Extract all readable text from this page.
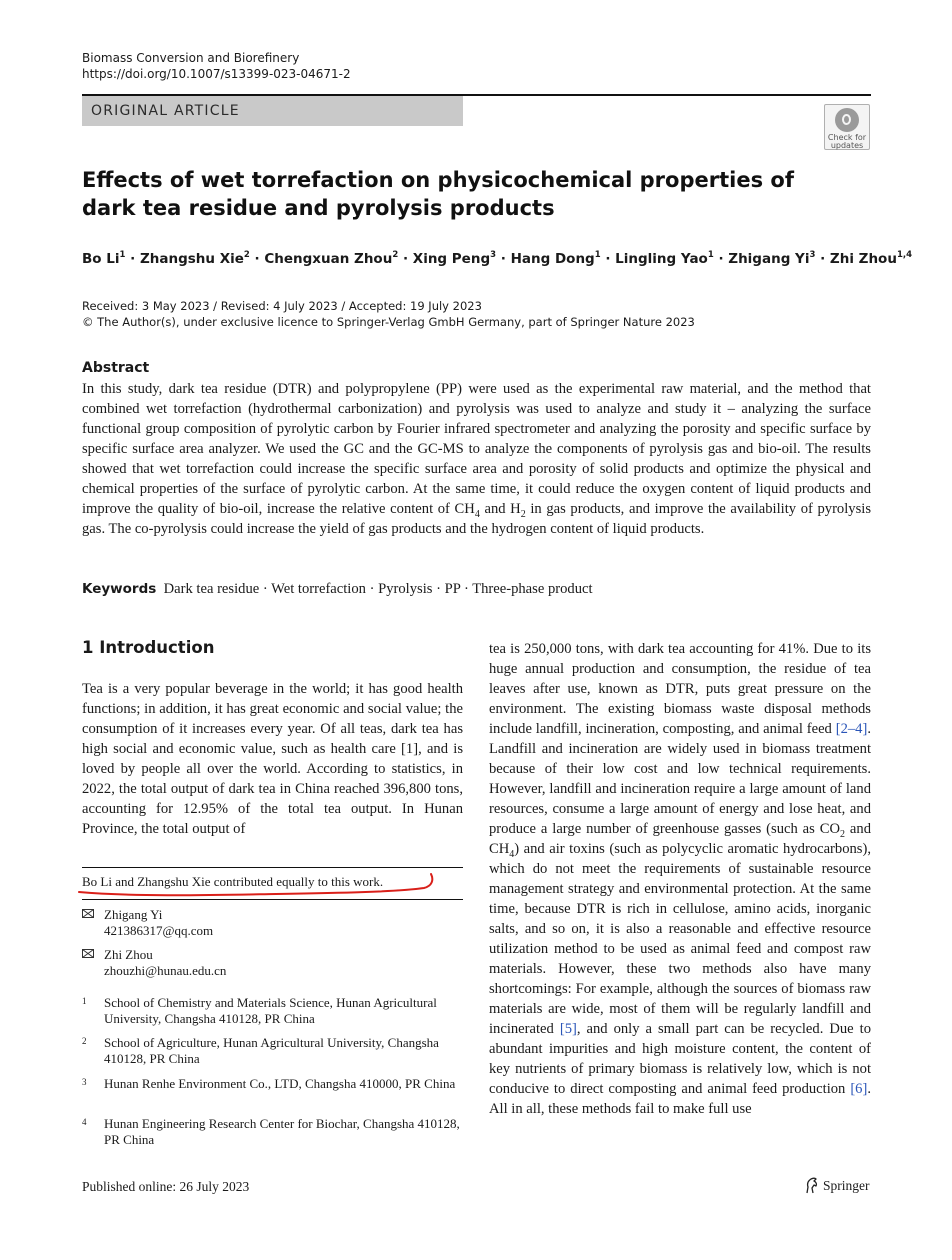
Biomass Conversion and Biorefinery
https://doi.org/10.1007/s13399-023-04671-2
ORIGINAL ARTICLE
Check for
updates
Effects of wet torrefaction on physicochemical properties of dark tea residue and pyrolysis products
Bo $Li^1$ · Zhangshu Xie$^2$ · Chengxuan Zhou$^2$ · Xing Peng$^3$ · Hang Dong$^1$ · Lingling Yao$^1$ · Zhigang $Yi^3$ · Zhi Zhou$^{1,4}$
Received: 3 May 2023 / Revised: 4 July 2023 / Accepted: 19 July 2023
© The Author(s), under exclusive licence to Springer-Verlag GmbH Germany, part of Springer Nature 2023
Abstract
In this study, dark tea residue (DTR) and polypropylene (PP) were used as the experimental raw material, and the method that combined wet torrefaction (hydrothermal carbonization) and pyrolysis was used to analyze and study it – analyzing the surface functional group composition of pyrolytic carbon by Fourier infrared spectrometer and analyzing the porosity and specific surface by specific surface area analyzer. We used the GC and the GC-MS to analyze the components of pyrolysis gas and bio-oil. The results showed that wet torrefaction could increase the specific surface area and porosity of solid products and optimize the physical and chemical properties of the surface of pyrolytic carbon. At the same time, it could reduce the oxygen content of liquid products and improve the quality of bio-oil, increase the relative content of $CH_4$ and $H_2$ in gas products, and improve the availability of pyrolysis gas. The co-pyrolysis could increase the yield of gas products and the hydrogen content of liquid products.
Keywords Dark tea residue · Wet torrefaction · Pyrolysis · PP · Three-phase product
1 Introduction
Tea is a very popular beverage in the world; it has good health functions; in addition, it has great economic and social value; the consumption of it increases every year. Of all teas, dark tea has high social and economic value, such as health care [1], and is loved by people all over the world. According to statistics, in 2022, the total output of dark tea in China reached 396,800 tons, accounting for 12.95% of the total tea output. In Hunan Province, the total output of
tea is 250,000 tons, with dark tea accounting for 41%. Due to its huge annual production and consumption, the residue of tea leaves after use, known as DTR, puts great pressure on the environment. The existing biomass waste disposal methods include landfill, incineration, composting, and animal feed [2–4]. Landfill and incineration are widely used in biomass treatment because of their low cost and low technical requirements. However, landfill and incineration require a large amount of land resources, consume a large amount of energy and lose heat, and produce a large number of greenhouse gasses (such as $CO_2$ and $CH_4$) and air toxins (such as polycyclic aromatic hydrocarbons), which do not meet the requirements of sustainable resource management strategy and environmental protection. At the same time, because DTR is rich in cellulose, amino acids, inorganic salts, and so on, it is also a reasonable and effective resource utilization method to be used as animal feed and compost raw materials. However, these two methods also have many shortcomings: For example, although the sources of biomass raw materials are wide, most of them will be regularly landfill and incinerated [5], and only a small part can be recycled. Due to abundant impurities and high moisture content, the content of key nutrients of primary biomass is relatively low, which is not conducive to direct composting and animal feed production [6]. All in all, these methods fail to make full use
Bo Li and Zhangshu Xie contributed equally to this work.
Zhigang Yi
421386317@qq.com
Zhi Zhou
zhouzhi@hunau.edu.cn
1 School of Chemistry and Materials Science, Hunan Agricultural University, Changsha 410128, PR China
2 School of Agriculture, Hunan Agricultural University, Changsha 410128, PR China
3 Hunan Renhe Environment Co., LTD, Changsha 410000, PR China
4 Hunan Engineering Research Center for Biochar, Changsha 410128, PR China
Published online: 26 July 2023	Springer
